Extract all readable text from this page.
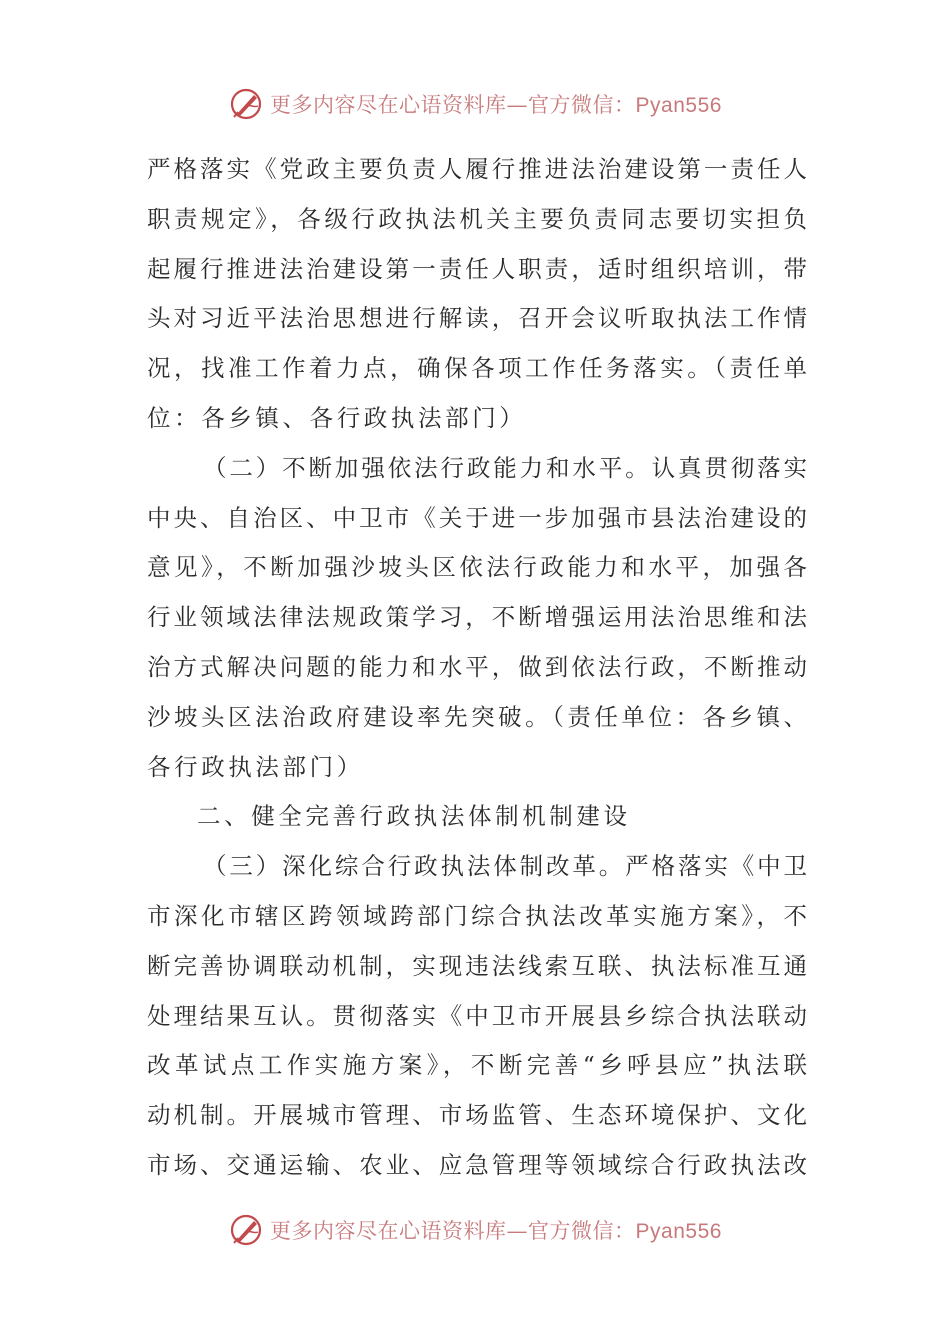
更多内容尽在心语资料库—官方微信：Pyan556
严格落实《党政主要负责人履行推进法治建设第一责任人
职责规定》，各级行政执法机关主要负责同志要切实担负
起履行推进法治建设第一责任人职责，适时组织培训，带
头对习近平法治思想进行解读，召开会议听取执法工作情
况，找准工作着力点，确保各项工作任务落实。（责任单
位：各乡镇、各行政执法部门）
（二）不断加强依法行政能力和水平。认真贯彻落实
中央、自治区、中卫市《关于进一步加强市县法治建设的
意见》，不断加强沙坡头区依法行政能力和水平，加强各
行业领域法律法规政策学习，不断增强运用法治思维和法
治方式解决问题的能力和水平，做到依法行政，不断推动
沙坡头区法治政府建设率先突破。（责任单位：各乡镇、
各行政执法部门）
二、健全完善行政执法体制机制建设
（三）深化综合行政执法体制改革。严格落实《中卫
市深化市辖区跨领域跨部门综合执法改革实施方案》，不
断完善协调联动机制，实现违法线索互联、执法标准互通
处理结果互认。贯彻落实《中卫市开展县乡综合执法联动
改革试点工作实施方案》，不断完善“乡呼县应”执法联
动机制。开展城市管理、市场监管、生态环境保护、文化
市场、交通运输、农业、应急管理等领域综合行政执法改
更多内容尽在心语资料库—官方微信：Pyan556
